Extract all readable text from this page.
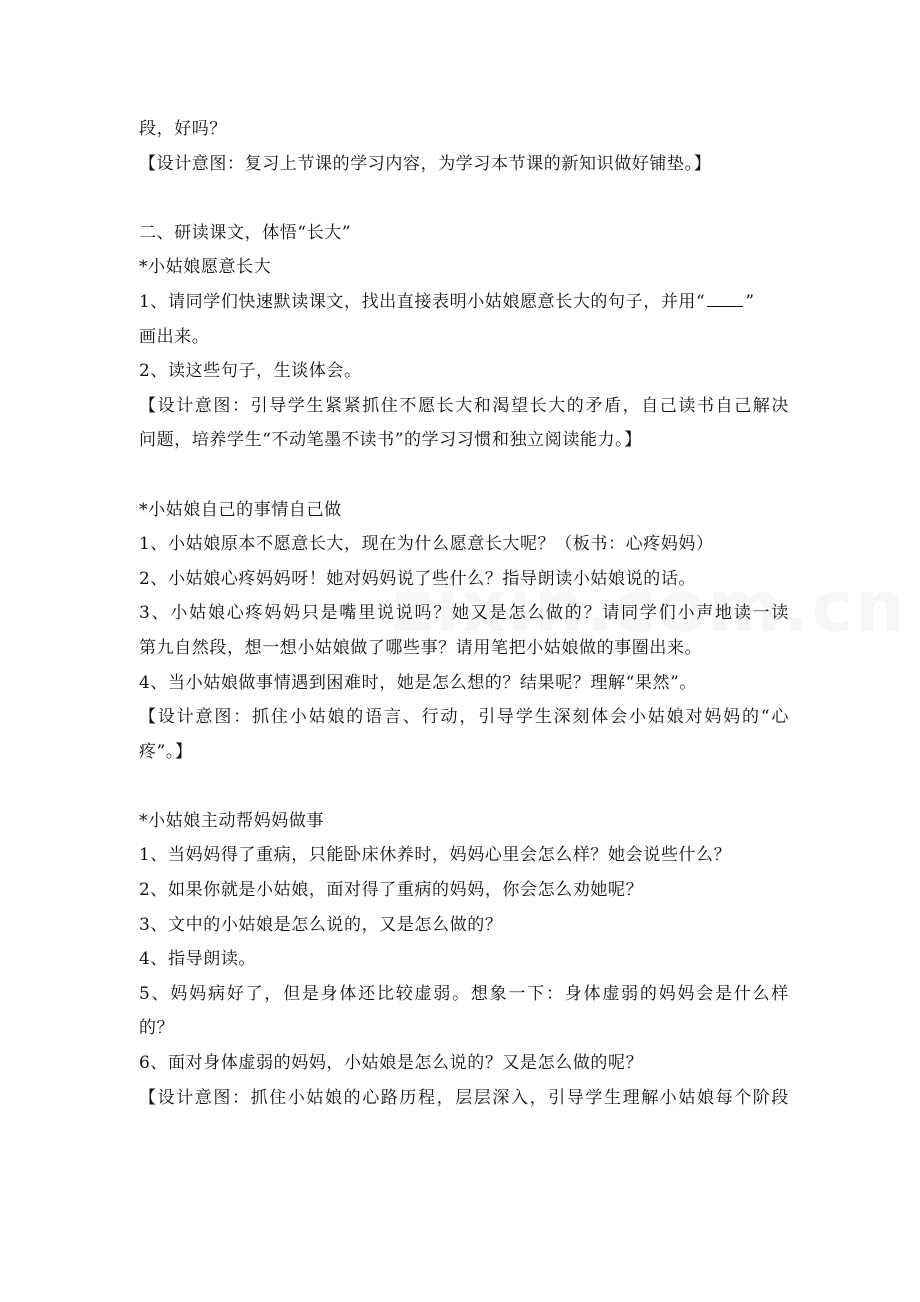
段，好吗？
【设计意图：复习上节课的学习内容，为学习本节课的新知识做好铺垫。】
二、研读课文，体悟“长大”
*小姑娘愿意长大
1、请同学们快速默读课文，找出直接表明小姑娘愿意长大的句子，并用“ ”
画出来。
2、读这些句子，生谈体会。
【设计意图：引导学生紧紧抓住不愿长大和渴望长大的矛盾，自己读书自己解决
问题，培养学生“不动笔墨不读书”的学习习惯和独立阅读能力。】
*小姑娘自己的事情自己做
1、小姑娘原本不愿意长大，现在为什么愿意长大呢？（板书：心疼妈妈）
2、小姑娘心疼妈妈呀！她对妈妈说了些什么？指导朗读小姑娘说的话。
3、小姑娘心疼妈妈只是嘴里说说吗？她又是怎么做的？请同学们小声地读一读
第九自然段，想一想小姑娘做了哪些事？请用笔把小姑娘做的事圈出来。
4、当小姑娘做事情遇到困难时，她是怎么想的？结果呢？理解“果然”。
【设计意图：抓住小姑娘的语言、行动，引导学生深刻体会小姑娘对妈妈的“心
疼”。】
*小姑娘主动帮妈妈做事
1、当妈妈得了重病，只能卧床休养时，妈妈心里会怎么样？她会说些什么？
2、如果你就是小姑娘，面对得了重病的妈妈，你会怎么劝她呢？
3、文中的小姑娘是怎么说的，又是怎么做的？
4、指导朗读。
5、妈妈病好了，但是身体还比较虚弱。想象一下：身体虚弱的妈妈会是什么样
的？
6、面对身体虚弱的妈妈，小姑娘是怎么说的？又是怎么做的呢？
【设计意图：抓住小姑娘的心路历程，层层深入，引导学生理解小姑娘每个阶段
